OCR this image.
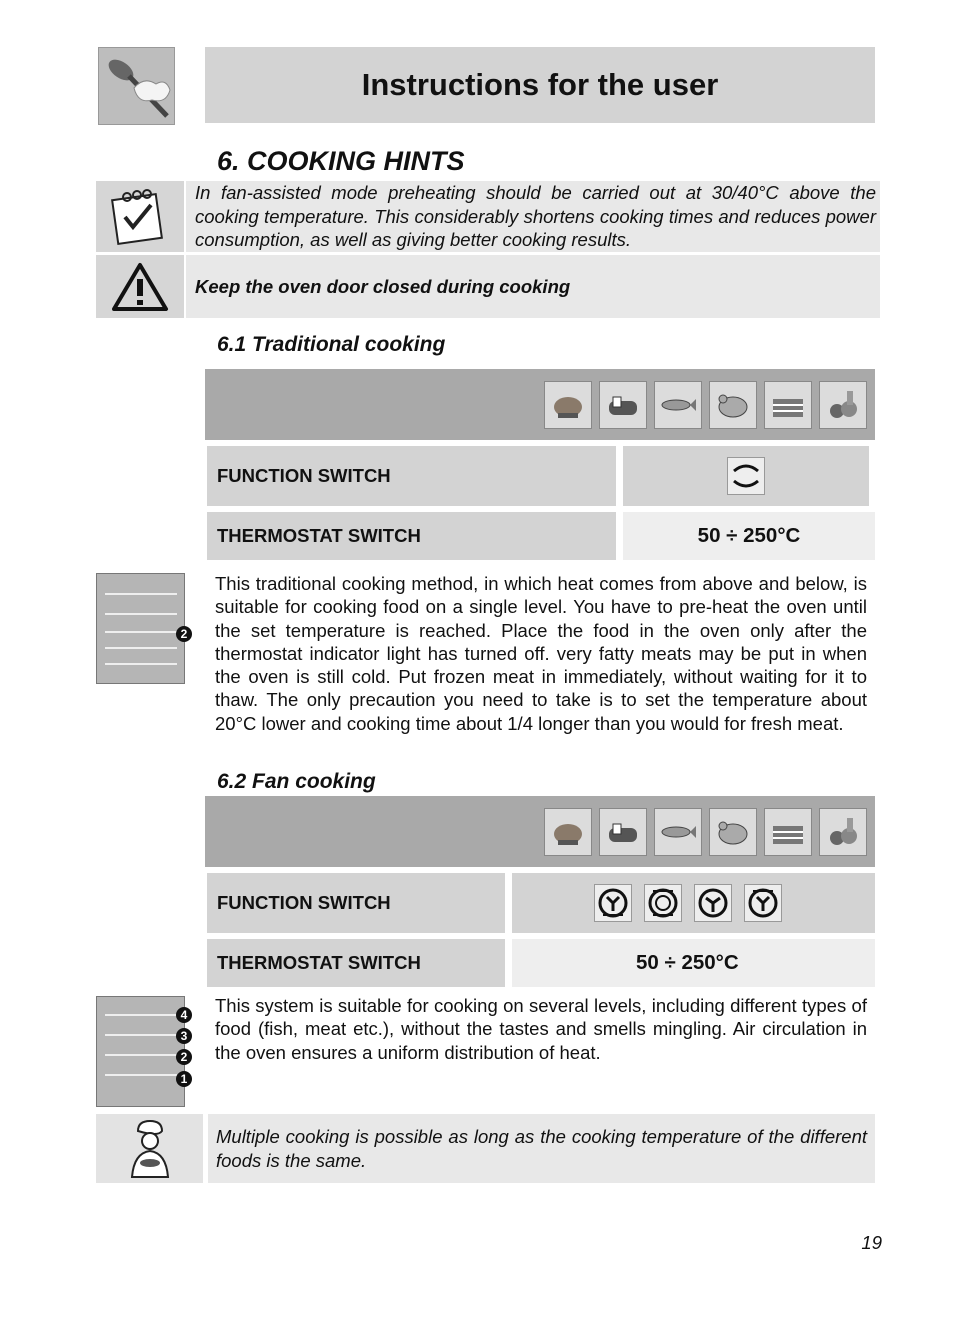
Instructions for the user
6. COOKING HINTS
In fan-assisted mode preheating should be carried out at 30/40°C above the cooking temperature. This considerably shortens cooking times and reduces power consumption, as well as giving better cooking results.
Keep the oven door closed during cooking
6.1 Traditional cooking
FUNCTION SWITCH
THERMOSTAT SWITCH	50 ÷ 250°C
2
This traditional cooking method, in which heat comes from above and below, is suitable for cooking food on a single level. You have to pre-heat the oven until the set temperature is reached. Place the food in the oven only after the thermostat indicator light has turned off. very fatty meats may be put in when the oven is still cold. Put frozen meat in immediately, without waiting for it to thaw. The only precaution you need to take is to set the temperature about 20°C lower and cooking time about 1/4 longer than you would for fresh meat.
6.2 Fan cooking
FUNCTION SWITCH
THERMOSTAT SWITCH	50 ÷ 250°C
4
3
2
1
This system is suitable for cooking on several levels, including different types of food (fish, meat etc.), without the tastes and smells mingling. Air circulation in the oven ensures a uniform distribution of heat.
Multiple cooking is possible as long as the cooking temperature of the different foods is the same.
19
